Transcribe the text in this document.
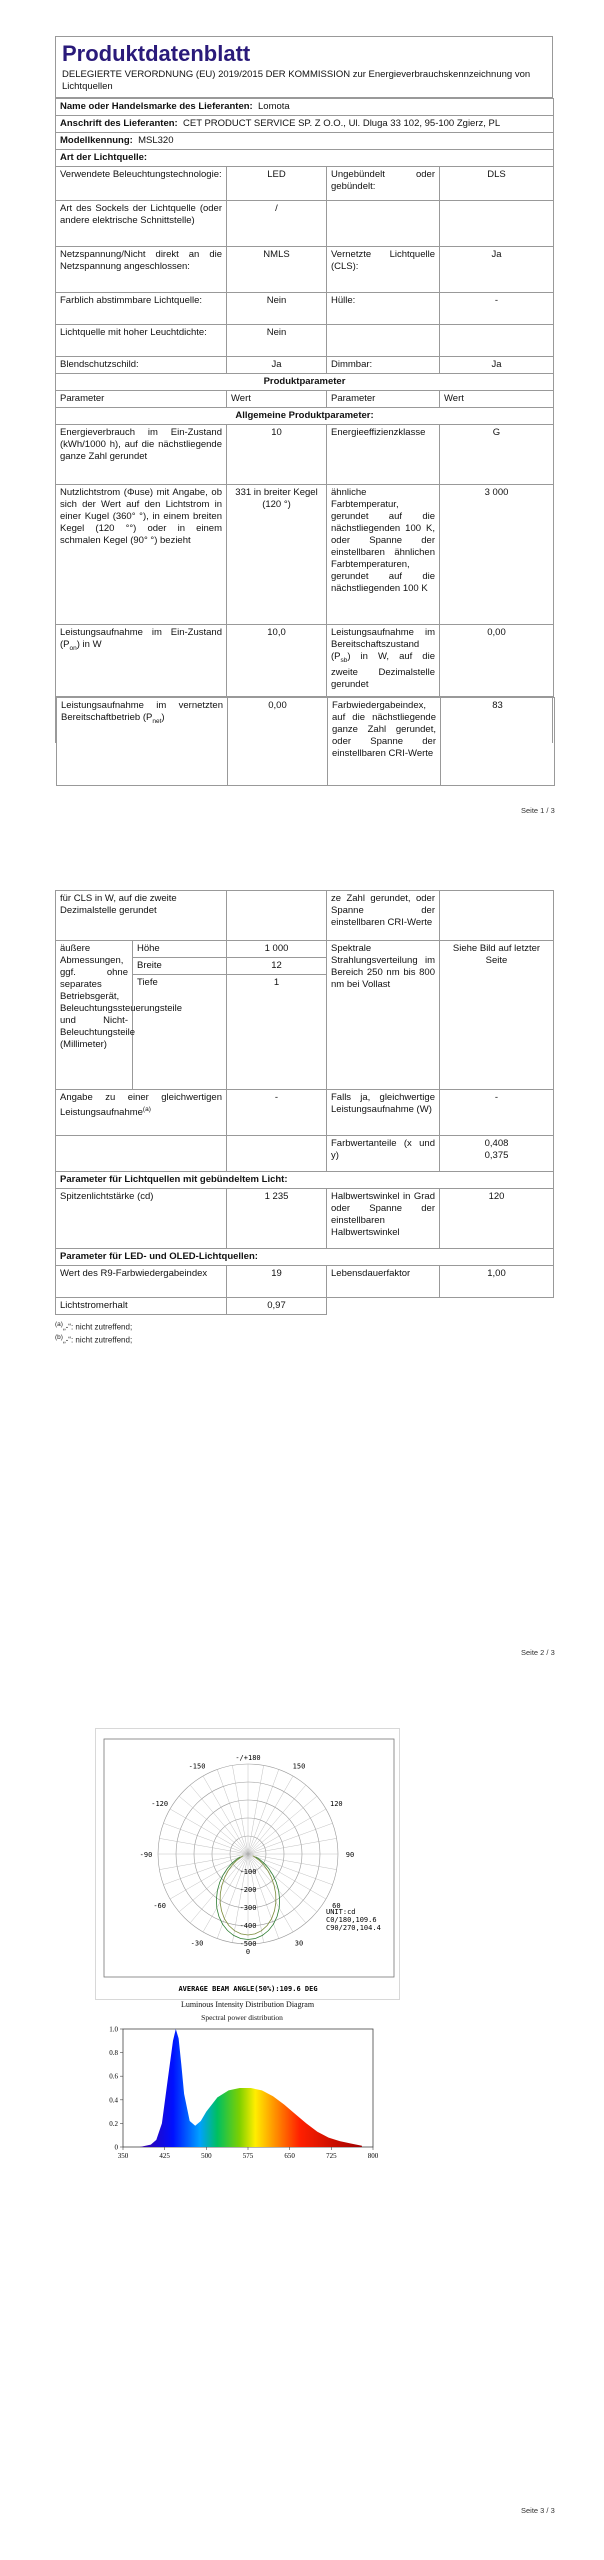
Produktdatenblatt
DELEGIERTE VERORDNUNG (EU) 2019/2015 DER KOMMISSION zur Energieverbrauchskennzeichnung von Lichtquellen
Name oder Handelsmarke des Lieferanten: Lomota			
Anschrift des Lieferanten: CET PRODUCT SERVICE SP. Z O.O., Ul. Dluga 33 102, 95-100 Zgierz, PL			
Modellkennung: MSL320			
Art der Lichtquelle:			
Verwendete Beleuchtungstechnologie:	LED	Ungebündelt oder gebündelt:	DLS
Art des Sockels der Lichtquelle (oder andere elektrische Schnittstelle)	/		
Netzspannung/Nicht direkt an die Netzspannung angeschlossen:	NMLS	Vernetzte Lichtquelle (CLS):	Ja
Farblich abstimmbare Lichtquelle:	Nein	Hülle:	-
Lichtquelle mit hoher Leuchtdichte:	Nein		
Blendschutzschild:	Ja	Dimmbar:	Ja
Produktparameter			
Parameter	Wert	Parameter	Wert
Allgemeine Produktparameter:			
Energieverbrauch im Ein-Zustand (kWh/1000 h), auf die nächstliegende ganze Zahl gerundet	10	Energieeffizienzklasse	G
Nutzlichtstrom (Φuse) mit Angabe, ob sich der Wert auf den Lichtstrom in einer Kugel (360° °), in einem breiten Kegel (120 °°) oder in einem schmalen Kegel (90° °) bezieht	331 in breiter Kegel (120 °)	ähnliche Farbtemperatur, gerundet auf die nächstliegenden 100 K, oder Spanne der einstellbaren ähnlichen Farbtemperaturen, gerundet auf die nächstliegenden 100 K	3 000
Leistungsaufnahme im Ein-Zustand $(P_{on})$ in W	10,0	Leistungsaufnahme im Bereitschaftszustand $(P_{sb})$ in W, auf die zweite Dezimalstelle gerundet	0,00
Leistungsaufnahme im vernetzten Bereitschaftbetrieb $(P_{net})$	0,00	Farbwiedergabeindex, auf die nächstliegende ganze Zahl gerundet, oder Spanne der einstellbaren CRI-Werte	83
Seite 1 / 3
für CLS in W, auf die zweite Dezimalstelle gerundet			ze Zahl gerundet, oder Spanne der einstellbaren CRI-Werte	
äußere Abmessungen, ggf. ohne separates Betriebsgerät, Beleuchtungssteuerungsteile und Nicht-Beleuchtungsteile (Millimeter)	Höhe	1 000	Spektrale Strahlungsverteilung im Bereich 250 nm bis 800 nm bei Vollast	Siehe Bild auf letzter Seite
	Breite	12		
	Tiefe	1		

Angabe zu einer gleichwertigen Leistungsaufnahme$^{(a)}$		-	Falls ja, gleichwertige Leistungsaufnahme (W)	-
			Farbwertanteile (x und y)	0,408
0,375

Parameter für Lichtquellen mit gebündeltem Licht:				
Spitzenlichtstärke (cd)		1 235	Halbwertswinkel in Grad oder Spanne der einstellbaren Halbwertswinkel	120
Parameter für LED- und OLED-Lichtquellen:				
Wert des R9-Farbwiedergabeindex		19	Lebensdauerfaktor	1,00
Lichtstromerhalt		0,97		
$^{(a)}$„-“: nicht zutreffend;
$^{(b)}$„-“: nicht zutreffend;
Seite 2 / 3
-/+180
150
-150
120
-120
90
-90
60
-60
30
-30
-100
-200
-300
-400
-500
0
UNIT:cd
C0/180,109.6
C90/270,104.4
AVERAGE BEAM ANGLE(50%):109.6 DEG
Luminous Intensity Distribution Diagram
Spectral power distribution
350	425	500	575	650	725	800
0
0.2
0.4
0.6
0.8
1.0
Seite 3 / 3
